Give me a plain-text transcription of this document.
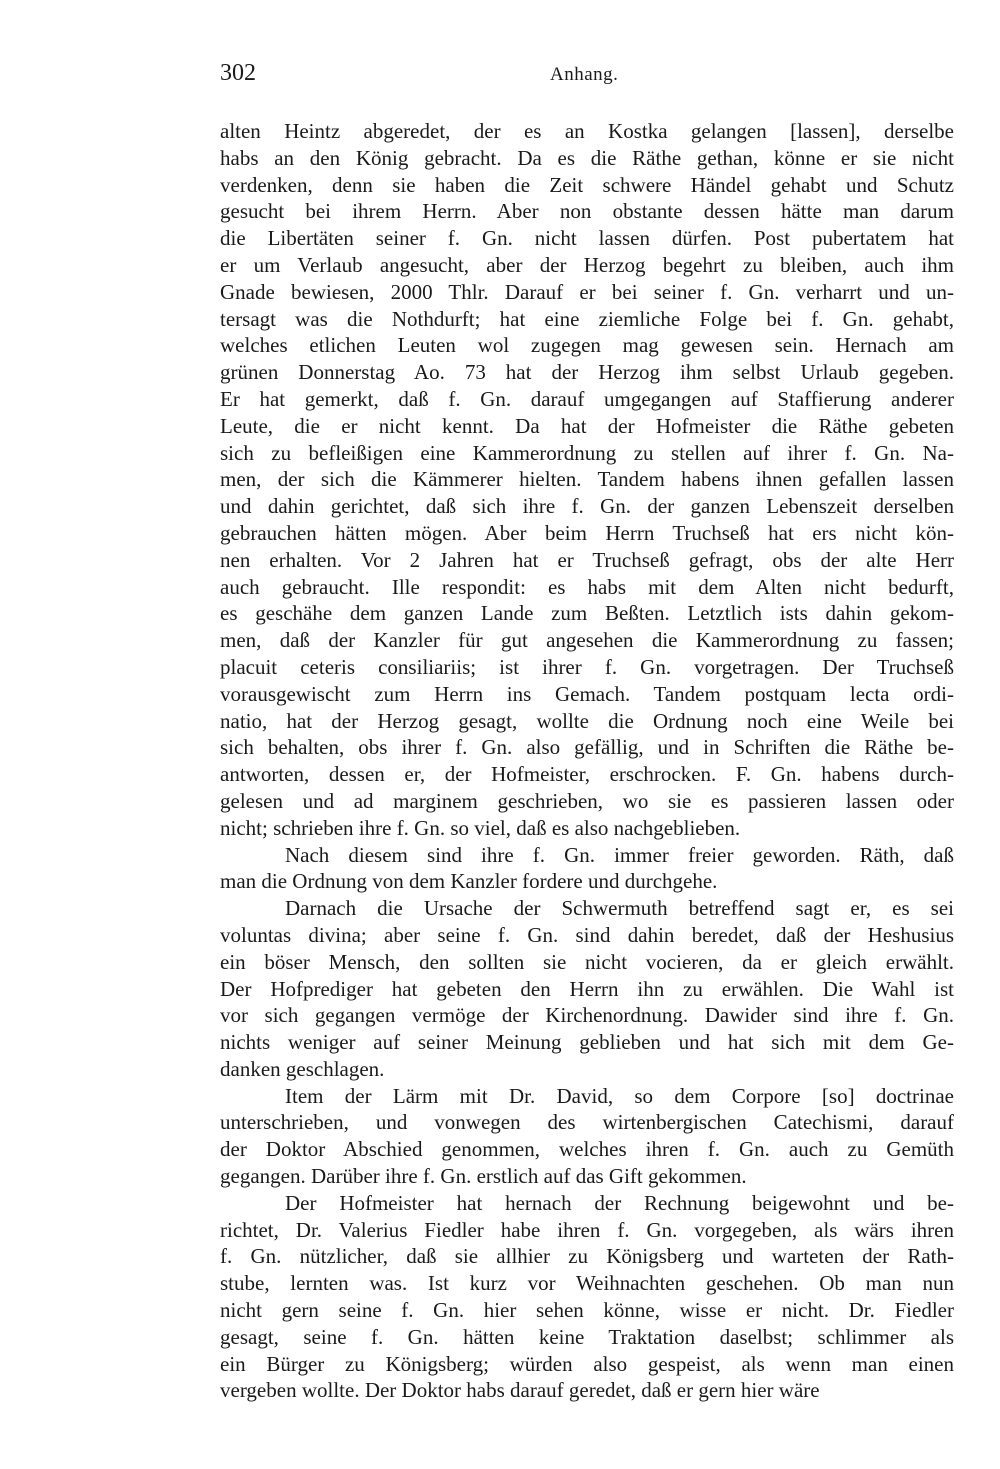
302	Anhang.
alten Heintz abgeredet, der es an Kostka gelangen [lassen], derselbe
habs an den König gebracht. Da es die Räthe gethan, könne er sie nicht
verdenken, denn sie haben die Zeit schwere Händel gehabt und Schutz
gesucht bei ihrem Herrn. Aber non obstante dessen hätte man darum
die Libertäten seiner f. Gn. nicht lassen dürfen. Post pubertatem hat
er um Verlaub angesucht, aber der Herzog begehrt zu bleiben, auch ihm
Gnade bewiesen, 2000 Thlr. Darauf er bei seiner f. Gn. verharrt und un-
tersagt was die Nothdurft; hat eine ziemliche Folge bei f. Gn. gehabt,
welches etlichen Leuten wol zugegen mag gewesen sein. Hernach am
grünen Donnerstag Ao. 73 hat der Herzog ihm selbst Urlaub gegeben.
Er hat gemerkt, daß f. Gn. darauf umgegangen auf Staffierung anderer
Leute, die er nicht kennt. Da hat der Hofmeister die Räthe gebeten
sich zu befleißigen eine Kammerordnung zu stellen auf ihrer f. Gn. Na-
men, der sich die Kämmerer hielten. Tandem habens ihnen gefallen lassen
und dahin gerichtet, daß sich ihre f. Gn. der ganzen Lebenszeit derselben
gebrauchen hätten mögen. Aber beim Herrn Truchseß hat ers nicht kön-
nen erhalten. Vor 2 Jahren hat er Truchseß gefragt, obs der alte Herr
auch gebraucht. Ille respondit: es habs mit dem Alten nicht bedurft,
es geschähe dem ganzen Lande zum Beßten. Letztlich ists dahin gekom-
men, daß der Kanzler für gut angesehen die Kammerordnung zu fassen;
placuit ceteris consiliariis; ist ihrer f. Gn. vorgetragen. Der Truchseß
vorausgewischt zum Herrn ins Gemach. Tandem postquam lecta ordi-
natio, hat der Herzog gesagt, wollte die Ordnung noch eine Weile bei
sich behalten, obs ihrer f. Gn. also gefällig, und in Schriften die Räthe be-
antworten, dessen er, der Hofmeister, erschrocken. F. Gn. habens durch-
gelesen und ad marginem geschrieben, wo sie es passieren lassen oder
nicht; schrieben ihre f. Gn. so viel, daß es also nachgeblieben.
Nach diesem sind ihre f. Gn. immer freier geworden. Räth, daß
man die Ordnung von dem Kanzler fordere und durchgehe.
Darnach die Ursache der Schwermuth betreffend sagt er, es sei
voluntas divina; aber seine f. Gn. sind dahin beredet, daß der Heshusius
ein böser Mensch, den sollten sie nicht vocieren, da er gleich erwählt.
Der Hofprediger hat gebeten den Herrn ihn zu erwählen. Die Wahl ist
vor sich gegangen vermöge der Kirchenordnung. Dawider sind ihre f. Gn.
nichts weniger auf seiner Meinung geblieben und hat sich mit dem Ge-
danken geschlagen.
Item der Lärm mit Dr. David, so dem Corpore [so] doctrinae
unterschrieben, und vonwegen des wirtenbergischen Catechismi, darauf
der Doktor Abschied genommen, welches ihren f. Gn. auch zu Gemüth
gegangen. Darüber ihre f. Gn. erstlich auf das Gift gekommen.
Der Hofmeister hat hernach der Rechnung beigewohnt und be-
richtet, Dr. Valerius Fiedler habe ihren f. Gn. vorgegeben, als wärs ihren
f. Gn. nützlicher, daß sie allhier zu Königsberg und warteten der Rath-
stube, lernten was. Ist kurz vor Weihnachten geschehen. Ob man nun
nicht gern seine f. Gn. hier sehen könne, wisse er nicht. Dr. Fiedler
gesagt, seine f. Gn. hätten keine Traktation daselbst; schlimmer als
ein Bürger zu Königsberg; würden also gespeist, als wenn man einen
vergeben wollte. Der Doktor habs darauf geredet, daß er gern hier wäre
